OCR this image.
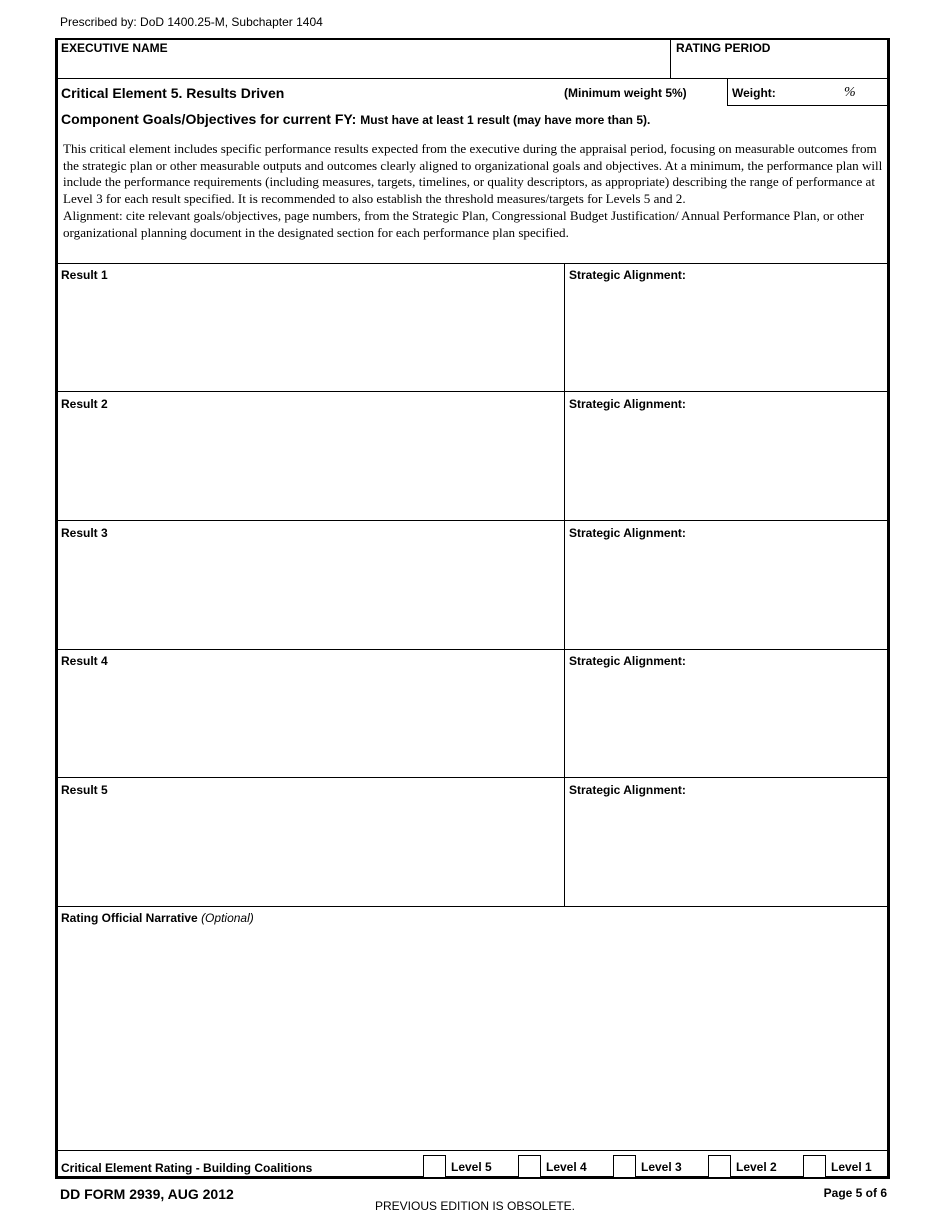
Prescribed by: DoD 1400.25-M, Subchapter 1404
EXECUTIVE NAME	RATING PERIOD
Critical Element 5. Results Driven	(Minimum weight 5%)	Weight:	%
Component Goals/Objectives for current FY: Must have at least 1 result (may have more than 5).

This critical element includes specific performance results expected from the executive during the appraisal period, focusing on measurable outcomes from the strategic plan or other measurable outputs and outcomes clearly aligned to organizational goals and objectives. At a minimum, the performance plan will include the performance requirements (including measures, targets, timelines, or quality descriptors, as appropriate) describing the range of performance at Level 3 for each result specified. It is recommended to also establish the threshold measures/targets for Levels 5 and 2.

Alignment: cite relevant goals/objectives, page numbers, from the Strategic Plan, Congressional Budget Justification/ Annual Performance Plan, or other organizational planning document in the designated section for each performance plan specified.

Result 1	Strategic Alignment:
Result 2	Strategic Alignment:
Result 3	Strategic Alignment:
Result 4	Strategic Alignment:
Result 5	Strategic Alignment:
Rating Official Narrative (Optional)
Critical Element Rating - Building Coalitions	Level 5	Level 4	Level 3	Level 2	Level 1
DD FORM 2939, AUG 2012
PREVIOUS EDITION IS OBSOLETE.
Page 5 of 6
